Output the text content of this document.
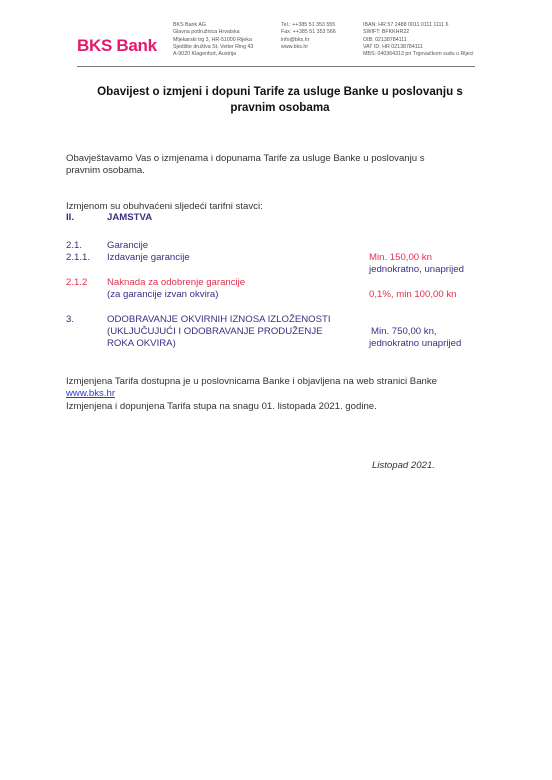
BKS Bank
BKS Bank AG
Glavna podružnica Hrvatska
Mljekarski trg 3, HR-51000 Rijeka
Sjedište društva St. Veiter Ring 43
A-9020 Klagenfurt, Austrija
Tel.: ++385 51 353 555
Fax: ++385 51 353 566
info@bks.hr
www.bks.hr
IBAN: HR 57 2488 0011 0111 1111 6
SWIFT: BFKKHR22
OIB: 02138784111
VAT ID: HR 02138784111
MBS: 040364313 pri Trgovačkom sudu u Rijeci
Obavijest o izmjeni i dopuni Tarife za usluge Banke u poslovanju s
pravnim osobama
Obavještavamo Vas o izmjenama i dopunama Tarife za usluge Banke u poslovanju s
pravnim osobama.
Izmjenom su obuhvaćeni sljedeći tarifni stavci:
II.	JAMSTVA
2.1.	Garancije
2.1.1. Izdavanje garancije	Min. 150,00 kn
jednokratno, unaprijed
2.1.2 Naknada za odobrenje garancije
(za garancije izvan okvira)	0,1%, min 100,00 kn
3.	ODOBRAVANJE OKVIRNIH IZNOSA IZLOŽENOSTI
(UKLJUČUJUĆI I ODOBRAVANJE PRODUŽENJE
ROKA OKVIRA)
Min. 750,00 kn,
jednokratno unaprijed
Izmjenjena Tarifa dostupna je u poslovnicama Banke i objavljena na web stranici Banke
www.bks.hr
Izmjenjena i dopunjena Tarifa stupa na snagu 01. listopada 2021. godine.
Listopad 2021.
